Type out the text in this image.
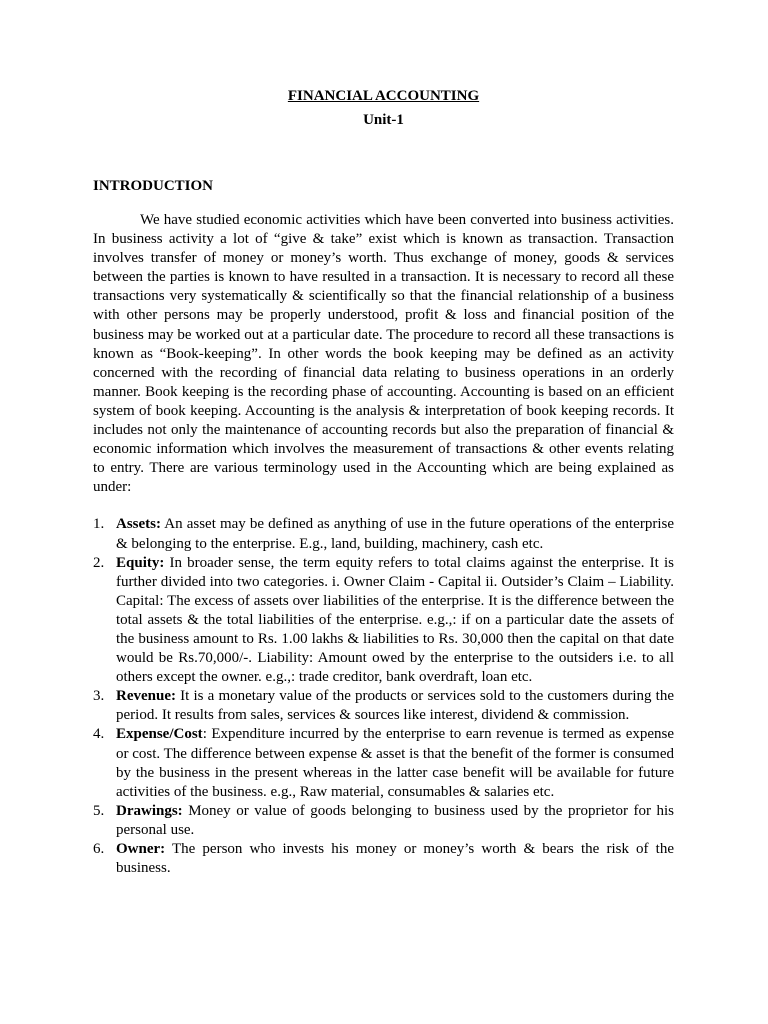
FINANCIAL ACCOUNTING
Unit-1
INTRODUCTION

We have studied economic activities which have been converted into business activities. In business activity a lot of “give & take” exist which is known as transaction. Transaction involves transfer of money or money’s worth. Thus exchange of money, goods & services between the parties is known to have resulted in a transaction. It is necessary to record all these transactions very systematically & scientifically so that the financial relationship of a business with other persons may be properly understood, profit & loss and financial position of the business may be worked out at a particular date. The procedure to record all these transactions is known as “Book-keeping”. In other words the book keeping may be defined as an activity concerned with the recording of financial data relating to business operations in an orderly manner. Book keeping is the recording phase of accounting. Accounting is based on an efficient system of book keeping. Accounting is the analysis & interpretation of book keeping records. It includes not only the maintenance of accounting records but also the preparation of financial & economic information which involves the measurement of transactions & other events relating to entry. There are various terminology used in the Accounting which are being explained as under:

1. Assets: An asset may be defined as anything of use in the future operations of the enterprise & belonging to the enterprise. E.g., land, building, machinery, cash etc.
2. Equity: In broader sense, the term equity refers to total claims against the enterprise. It is further divided into two categories. i. Owner Claim - Capital ii. Outsider’s Claim – Liability. Capital: The excess of assets over liabilities of the enterprise. It is the difference between the total assets & the total liabilities of the enterprise. e.g.,: if on a particular date the assets of the business amount to Rs. 1.00 lakhs & liabilities to Rs. 30,000 then the capital on that date would be Rs.70,000/-. Liability: Amount owed by the enterprise to the outsiders i.e. to all others except the owner. e.g.,: trade creditor, bank overdraft, loan etc.
3. Revenue: It is a monetary value of the products or services sold to the customers during the period. It results from sales, services & sources like interest, dividend & commission.
4. Expense/Cost: Expenditure incurred by the enterprise to earn revenue is termed as expense or cost. The difference between expense & asset is that the benefit of the former is consumed by the business in the present whereas in the latter case benefit will be available for future activities of the business. e.g., Raw material, consumables & salaries etc.
5. Drawings: Money or value of goods belonging to business used by the proprietor for his personal use.
6. Owner: The person who invests his money or money’s worth & bears the risk of the business.
